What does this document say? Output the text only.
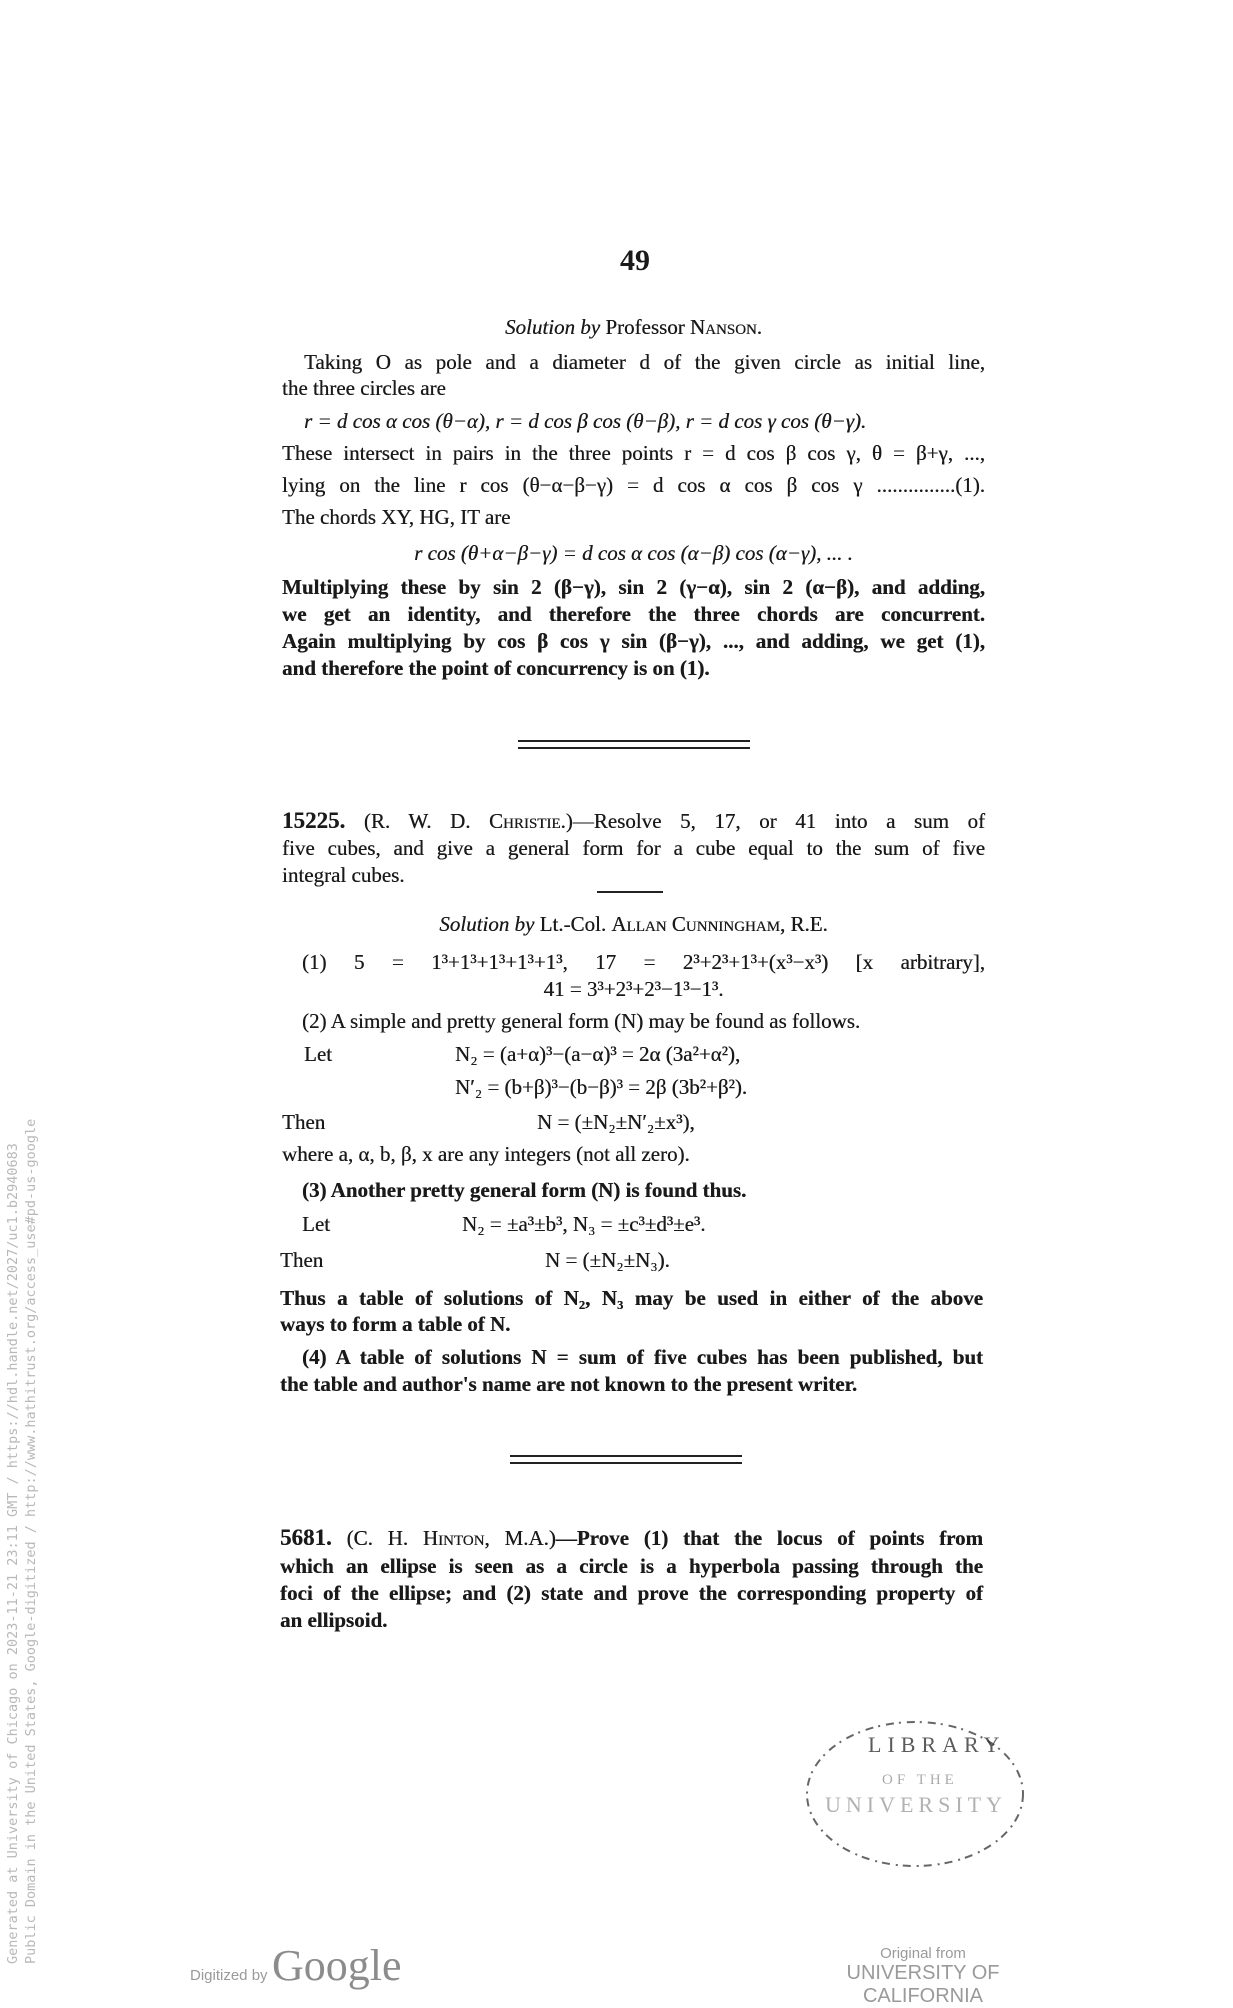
49
Solution by Professor Nanson.
Taking O as pole and a diameter d of the given circle as initial line,
the three circles are
r = d cos α cos (θ−α), r = d cos β cos (θ−β), r = d cos γ cos (θ−γ).
These intersect in pairs in the three points r = d cos β cos γ, θ = β+γ, ...,
lying on the line r cos (θ−α−β−γ) = d cos α cos β cos γ ...............(1).
The chords XY, HG, IT are
r cos (θ+α−β−γ) = d cos α cos (α−β) cos (α−γ), ... .
Multiplying these by sin 2 (β−γ), sin 2 (γ−α), sin 2 (α−β), and adding,
we get an identity, and therefore the three chords are concurrent.
Again multiplying by cos β cos γ sin (β−γ), ..., and adding, we get (1),
and therefore the point of concurrency is on (1).
15225. (R. W. D. Christie.)—Resolve 5, 17, or 41 into a sum of
five cubes, and give a general form for a cube equal to the sum of five
integral cubes.
Solution by Lt.-Col. Allan Cunningham, R.E.
(1) 5 = 1³+1³+1³+1³+1³, 17 = 2³+2³+1³+(x³−x³) [x arbitrary],
41 = 3³+2³+2³−1³−1³.
(2) A simple and pretty general form (N) may be found as follows.
Let	N₂ = (a+α)³−(a−α)³ = 2α (3a²+α²),
N′₂ = (b+β)³−(b−β)³ = 2β (3b²+β²).
Then	N = (±N₂±N′₂±x³),
where a, α, b, β, x are any integers (not all zero).
(3) Another pretty general form (N) is found thus.
Let	N₂ = ±a³±b³, N₃ = ±c³±d³±e³.
Then	N = (±N₂±N₃).
Thus a table of solutions of N₂, N₃ may be used in either of the above
ways to form a table of N.
(4) A table of solutions N = sum of five cubes has been published, but
the table and author's name are not known to the present writer.
5681. (C. H. Hinton, M.A.)—Prove (1) that the locus of points from
which an ellipse is seen as a circle is a hyperbola passing through the
foci of the ellipse; and (2) state and prove the corresponding property of
an ellipsoid.
LIBRARY
OF THE
UNIVERSITY
Generated at University of Chicago on 2023-11-21 23:11 GMT / https://hdl.handle.net/2027/uc1.b2940683 Public Domain in the United States, Google-digitized / http://www.hathitrust.org/access_use#pd-us-google
Digitized by Google	Original from
UNIVERSITY OF CALIFORNIA
